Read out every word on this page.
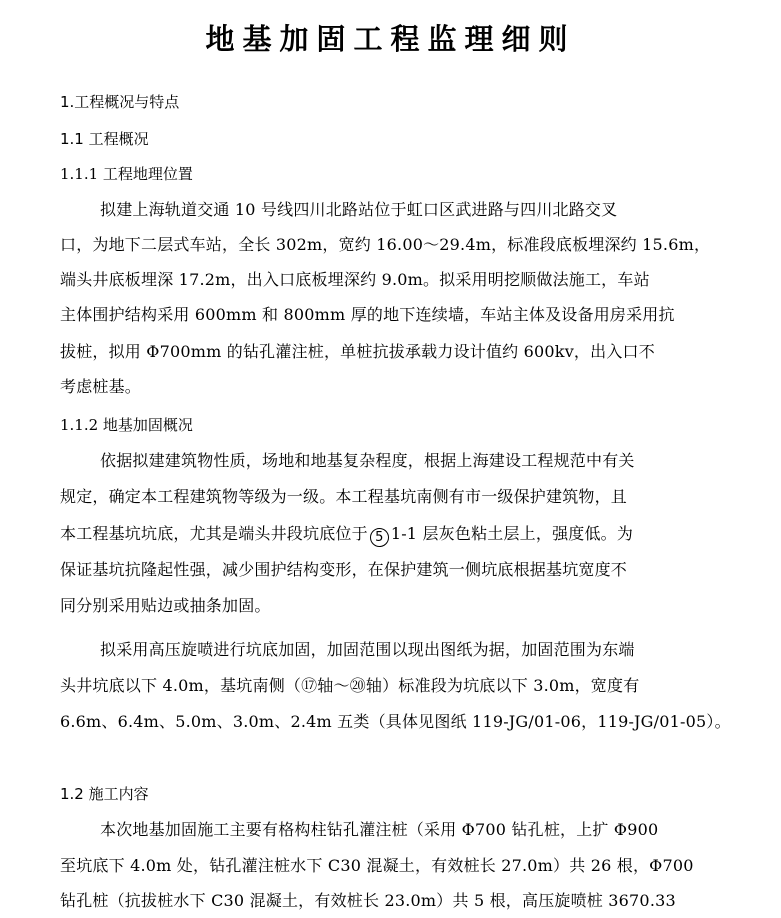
地基加固工程监理细则
1.工程概况与特点
1.1 工程概况
1.1.1 工程地理位置
拟建上海轨道交通 10 号线四川北路站位于虹口区武进路与四川北路交叉
口，为地下二层式车站，全长 302m，宽约 16.00～29.4m，标准段底板埋深约 15.6m，
端头井底板埋深 17.2m，出入口底板埋深约 9.0m。拟采用明挖顺做法施工，车站
主体围护结构采用 600mm 和 800mm 厚的地下连续墙，车站主体及设备用房采用抗
拔桩，拟用 Φ700mm 的钻孔灌注桩，单桩抗拔承载力设计值约 600kv，出入口不
考虑桩基。
1.1.2 地基加固概况
依据拟建建筑物性质，场地和地基复杂程度，根据上海建设工程规范中有关
规定，确定本工程建筑物等级为一级。本工程基坑南侧有市一级保护建筑物，且
本工程基坑坑底，尤其是端头井段坑底位于 5 1-1 层灰色粘土层上，强度低。为
保证基坑抗隆起性强，减少围护结构变形，在保护建筑一侧坑底根据基坑宽度不
同分别采用贴边或抽条加固。
拟采用高压旋喷进行坑底加固，加固范围以现出图纸为据，加固范围为东端
头井坑底以下 4.0m，基坑南侧（⑰轴～⑳轴）标准段为坑底以下 3.0m，宽度有
6.6m、6.4m、5.0m、3.0m、2.4m 五类（具体见图纸 119-JG/01-06，119-JG/01-05）。
1.2 施工内容
本次地基加固施工主要有格构柱钻孔灌注桩（采用 Φ700 钻孔桩，上扩 Φ900
至坑底下 4.0m 处，钻孔灌注桩水下 C30 混凝土，有效桩长 27.0m）共 26 根，Φ700
钻孔桩（抗拔桩水下 C30 混凝土，有效桩长 23.0m）共 5 根，高压旋喷桩 3670.33
